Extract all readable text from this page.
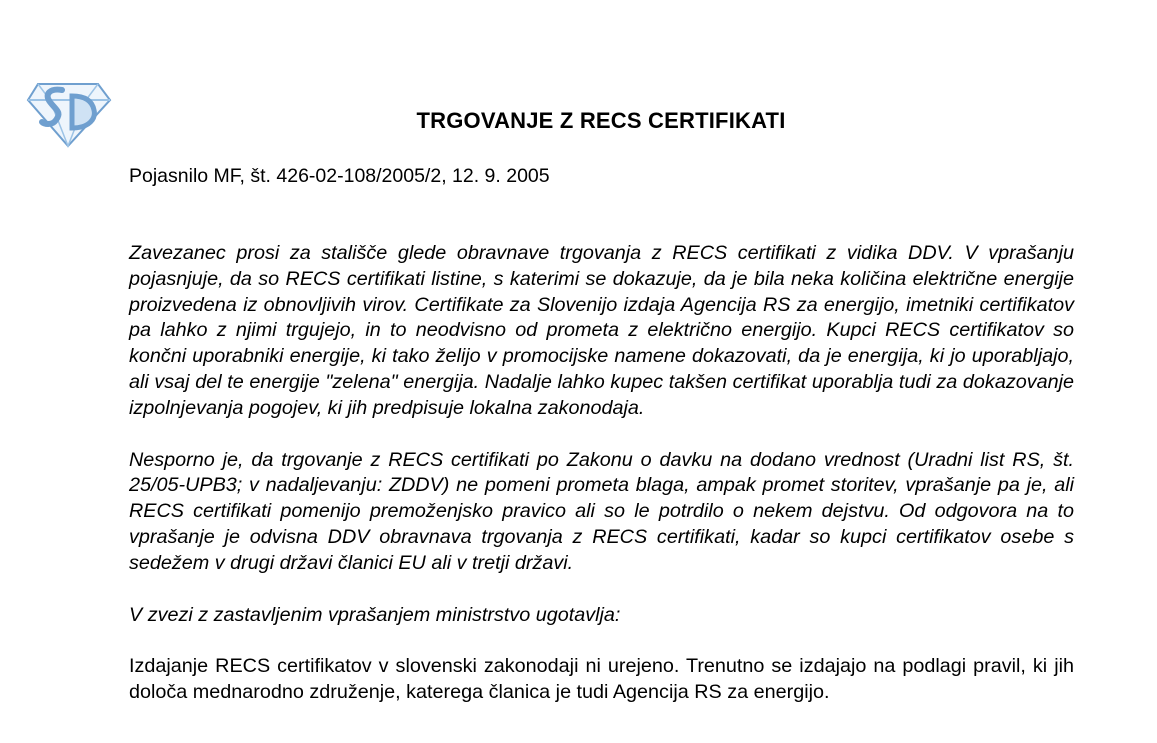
TRGOVANJE Z RECS CERTIFIKATI

Pojasnilo MF, št. 426-02-108/2005/2, 12. 9. 2005

Zavezanec prosi za stališče glede obravnave trgovanja z RECS certifikati z vidika DDV. V vprašanju pojasnjuje, da so RECS certifikati listine, s katerimi se dokazuje, da je bila neka količina električne energije proizvedena iz obnovljivih virov. Certifikate za Slovenijo izdaja Agencija RS za energijo, imetniki certifikatov pa lahko z njimi trgujejo, in to neodvisno od prometa z električno energijo. Kupci RECS certifikatov so končni uporabniki energije, ki tako želijo v promocijske namene dokazovati, da je energija, ki jo uporabljajo, ali vsaj del te energije "zelena" energija. Nadalje lahko kupec takšen certifikat uporablja tudi za dokazovanje izpolnjevanja pogojev, ki jih predpisuje lokalna zakonodaja.

Nesporno je, da trgovanje z RECS certifikati po Zakonu o davku na dodano vrednost (Uradni list RS, št. 25/05-UPB3; v nadaljevanju: ZDDV) ne pomeni prometa blaga, ampak promet storitev, vprašanje pa je, ali RECS certifikati pomenijo premoženjsko pravico ali so le potrdilo o nekem dejstvu. Od odgovora na to vprašanje je odvisna DDV obravnava trgovanja z RECS certifikati, kadar so kupci certifikatov osebe s sedežem v drugi državi članici EU ali v tretji državi.

V zvezi z zastavljenim vprašanjem ministrstvo ugotavlja:

Izdajanje RECS certifikatov v slovenski zakonodaji ni urejeno. Trenutno se izdajajo na podlagi pravil, ki jih določa mednarodno združenje, katerega članica je tudi Agencija RS za energijo.
